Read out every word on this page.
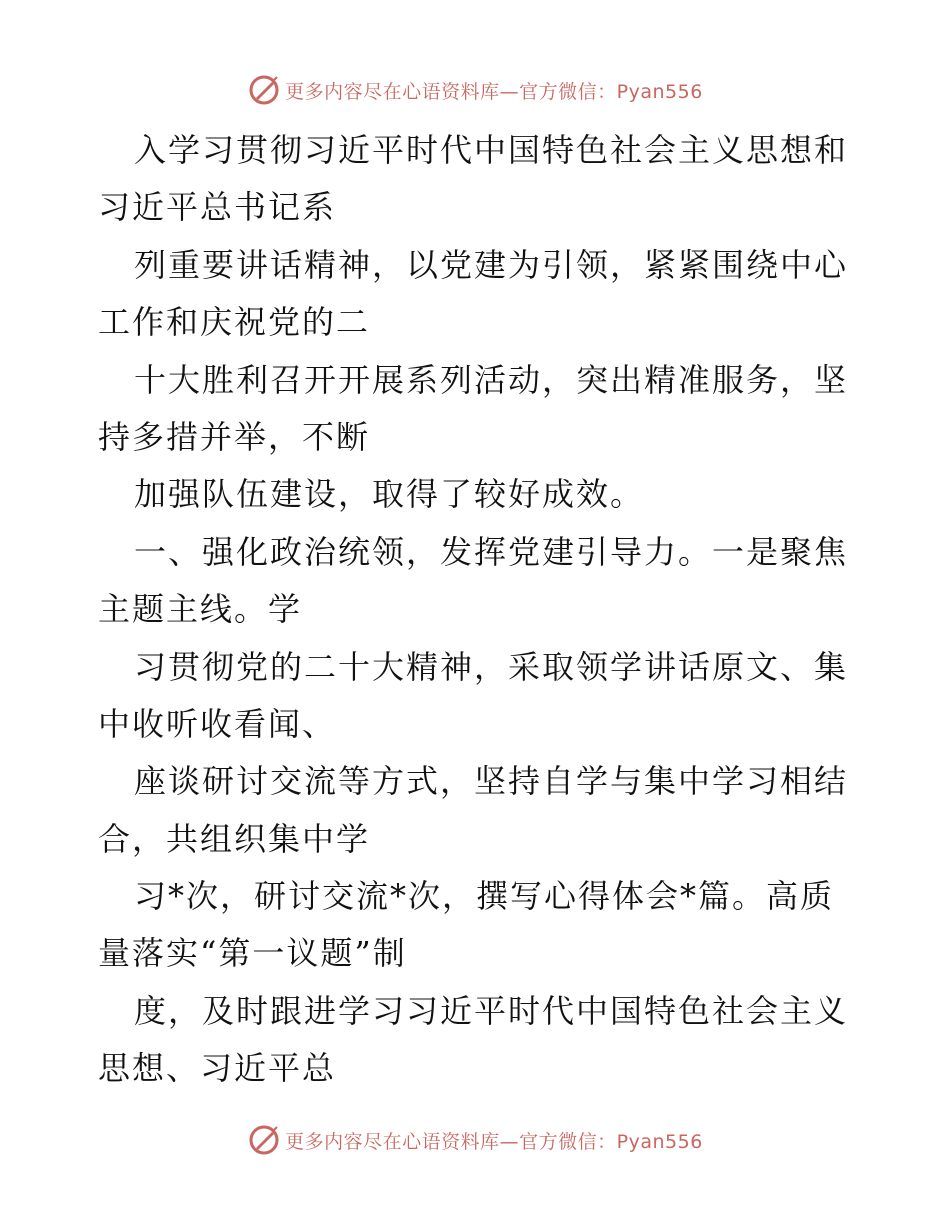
更多内容尽在心语资料库—官方微信：Pyan556
入学习贯彻习近平时代中国特色社会主义思想和
习近平总书记系
列重要讲话精神，以党建为引领，紧紧围绕中心
工作和庆祝党的二
十大胜利召开开展系列活动，突出精准服务，坚
持多措并举，不断
加强队伍建设，取得了较好成效。
一、强化政治统领，发挥党建引导力。一是聚焦
主题主线。学
习贯彻党的二十大精神，采取领学讲话原文、集
中收听收看闻、
座谈研讨交流等方式，坚持自学与集中学习相结
合，共组织集中学
习*次，研讨交流*次，撰写心得体会*篇。高质
量落实“第一议题”制
度，及时跟进学习习近平时代中国特色社会主义
思想、习近平总
更多内容尽在心语资料库—官方微信：Pyan556
